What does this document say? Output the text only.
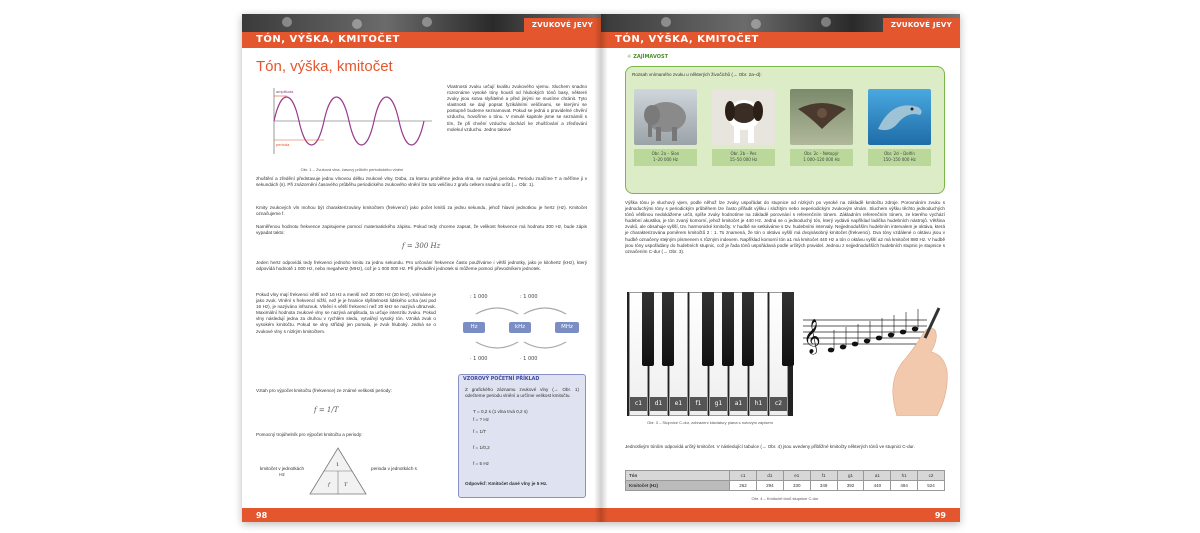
ZVUKOVÉ JEVY
TÓN, VÝŠKA, KMITOČET
Tón, výška, kmitočet
amplituda
perioda
Obr. 1 – Zvuková vlna, časový průběh periodického vlnění
Vlastnosti zvuku určují kvalitu zvukového vjemu. Sluchem snadno rozeznáme vysoké tóny houslí od hlubokých tónů basy, některé zvuky jsou sotva slyšitelné a před jinými se musíme chránit. Tyto vlastnosti se dají popsat fyzikálními veličinami, se kterými se postupně budeme seznamovat. Pokud se jedná o pravidelné chvění vzduchu, hovoříme o tónu. V minulé kapitole jsme se seznámili s tím, že při chvění vzduchu dochází ke zhušťování a zřeďování molekul vzduchu. Jedno takové
zhuštění a zředění představuje jednu vlnovou délku zvukové vlny. Doba, za kterou proběhne jedna vlna, se nazývá perioda. Periodu značíme T a měříme ji v sekundách (s). Při znázornění časového průběhu periodického zvukového vlnění lze tuto veličinu z grafu celkem snadno určit (→ Obr. 1).
Kmity zvukových vln mohou být charakterizovány kmitočtem (frekvencí) jako počet kmitů za jednu sekundu, jehož hlavní jednotkou je hertz (Hz). Kmitočet označujeme f.
Naměřenou hodnotu frekvence zapisujeme pomocí matematického zápisu. Pokud tedy chceme zapsat, že velikost frekvence má hodnotu 300 Hz, bude zápis vypadat takto:
f = 300 Hz
Jeden hertz odpovídá tedy frekvenci jednoho kmitu za jednu sekundu. Pro určování frekvence často používáme i větší jednotky, jako je kilohertz (kHz), který odpovídá hodnotě 1 000 Hz, nebo megahertz (MHz), což je 1 000 000 Hz. Při převádění jednotek si můžeme pomoci převodníkem jednotek.
Pokud vlny mají frekvenci větší než 16 Hz a menší než 20 000 Hz (20 kHz), vnímáme je jako zvuk. Vlnění s frekvencí nižší, než je je hranice slyšitelnosti lidského ucha (asi pod 16 Hz), je nazýváno infrazvuk. Vlnění s větší frekvencí než 20 kHz se nazývá ultrazvuk. Maximální hodnota zvukové vlny se nazývá amplituda, ta určuje intenzitu zvuku. Pokud vlny následují jedna za druhou v rychlém sledu, vytvářejí vysoký tón. Vzniká zvuk o vysokém kmitočtu. Pokud se vlny střídají jen pomalu, je zvuk hluboký. Jedná se o zvukové vlny s nízkým kmitočtem.
: 1 000	: 1 000
Hz	kHz	MHz
· 1 000	· 1 000
Vztah pro výpočet kmitočtu (frekvence) ze známé velikosti periody:
f = 1/T
Pomocný trojúhelník pro výpočet kmitočtu a periody:
1
f	T
kmitočet v jednotkách Hz
perioda v jednotkách s
VZOROVÝ POČETNÍ PŘÍKLAD
Z grafického záznamu zvukové vlny (→ Obr. 1) odečteme periodu vlnění a určíme velikost kmitočtu.
T = 0,2 s (1 vlna trvá 0,2 s)
f = ? Hz
f = 1/T
f = 1/0,2
f = 5 Hz
Odpověď: Kmitočet dané vlny je 5 Hz.
98
ZVUKOVÉ JEVY
TÓN, VÝŠKA, KMITOČET
☼ ZAJÍMAVOST
Rozsah vnímaného zvuku u některých živočichů (→ Obr. 2a–d):
Obr. 2a – Slon
1–20 000 Hz
Obr. 2b – Pes
15–50 000 Hz
Obr. 2c – Netopýr
1 000–120 000 Hz
Obr. 2d – Delfín
150–150 000 Hz
Výška tónu je sluchový vjem, podle něhož lze zvuky uspořádat do stupnice od nízkých po vysoké na základě kmitočtu zdroje. Porovnáním zvuku s jednoduchými tóny s periodickým průběhem lze často přiřadit výšku i složitým nebo neperiodickým zvukovým vlnám. Sluchem výšku těchto jednoduchých tónů většinou nedokážeme určit, spíše zvuky hodnotíme na základě porovnání s referenčním tónem. Základním referenčním tónem, ze kterého vychází hudební akustika, je tón zvaný komorní, jehož kmitočet je 440 Hz. Jedná se o jednoduchý tón, který vydává například ladička hudebních nástrojů. Většina zvuků, ale obsahuje vyšší, tzv. harmonické kmitočty. V hudbě se setkáváme s tzv. hudebními intervaly. Nejjednodušším hudebním intervalem je oktáva, která je charakterizována poměrem kmitočtů 2 : 1. To znamená, že tón o oktávu vyšší má dvojnásobný kmitočet (frekvenci). Dva tóny vzdálené o oktávu jsou v hudbě označeny stejným písmenem s různým indexem. Například komorní tón a1 má kmitočet 440 Hz a tón o oktávu vyšší a2 má kmitočet 880 Hz. V hudbě jsou tóny uspořádány do hudebních stupnic, což je řada tónů uspořádaná podle určitých pravidel. Jednou z nejjednodušších hudebních stupnic je stupnice s označením C-dur (→ Obr. 3).
c1	d1	e1	f1	g1	a1	h1	c2
𝄞
Obr. 3 – Stupnice C-dur, zobrazení klaviatury piana s notovým zápisem
Jednotlivým tónům odpovídá určitý kmitočet. V následující tabulce (→ Obr. 4) jsou uvedeny přibližné kmitočty některých tónů ve stupnici C-dur.
Tón	c1	d1	e1	f1	g1	a1	h1	c2
Kmitočet (Hz)	262	294	330	349	392	440	494	524
Obr. 4 – Kmitočet tónů stupnice C-dur
99
